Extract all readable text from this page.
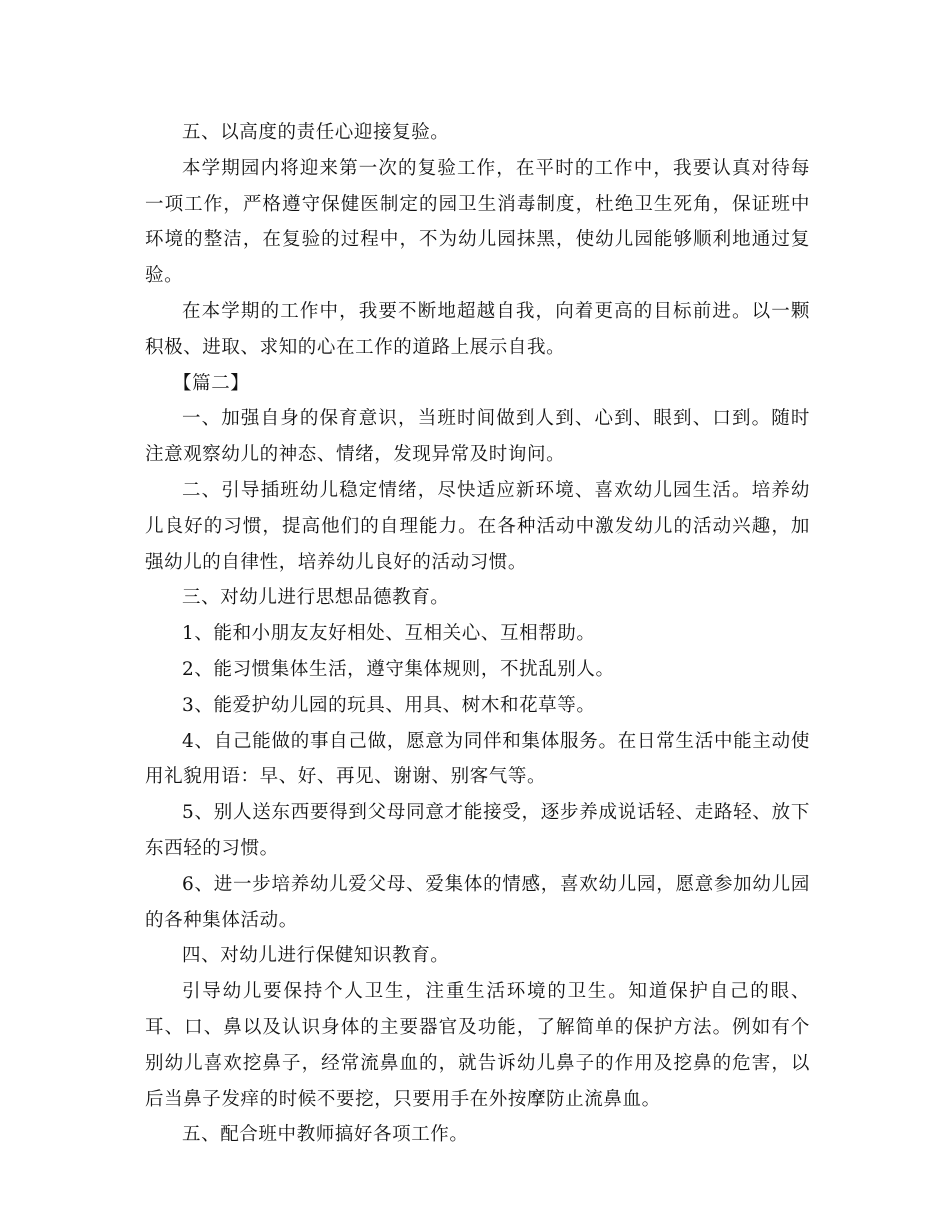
五、以高度的责任心迎接复验。

本学期园内将迎来第一次的复验工作，在平时的工作中，我要认真对待每一项工作，严格遵守保健医制定的园卫生消毒制度，杜绝卫生死角，保证班中环境的整洁，在复验的过程中，不为幼儿园抹黑，使幼儿园能够顺利地通过复验。

在本学期的工作中，我要不断地超越自我，向着更高的目标前进。以一颗积极、进取、求知的心在工作的道路上展示自我。

【篇二】

一、加强自身的保育意识，当班时间做到人到、心到、眼到、口到。随时注意观察幼儿的神态、情绪，发现异常及时询问。

二、引导插班幼儿稳定情绪，尽快适应新环境、喜欢幼儿园生活。培养幼儿良好的习惯，提高他们的自理能力。在各种活动中激发幼儿的活动兴趣，加强幼儿的自律性，培养幼儿良好的活动习惯。

三、对幼儿进行思想品德教育。

1、能和小朋友友好相处、互相关心、互相帮助。

2、能习惯集体生活，遵守集体规则，不扰乱别人。

3、能爱护幼儿园的玩具、用具、树木和花草等。

4、自己能做的事自己做，愿意为同伴和集体服务。在日常生活中能主动使用礼貌用语：早、好、再见、谢谢、别客气等。

5、别人送东西要得到父母同意才能接受，逐步养成说话轻、走路轻、放下东西轻的习惯。

6、进一步培养幼儿爱父母、爱集体的情感，喜欢幼儿园，愿意参加幼儿园的各种集体活动。

四、对幼儿进行保健知识教育。

引导幼儿要保持个人卫生，注重生活环境的卫生。知道保护自己的眼、耳、口、鼻以及认识身体的主要器官及功能，了解简单的保护方法。例如有个别幼儿喜欢挖鼻子，经常流鼻血的，就告诉幼儿鼻子的作用及挖鼻的危害，以后当鼻子发痒的时候不要挖，只要用手在外按摩防止流鼻血。

五、配合班中教师搞好各项工作。
